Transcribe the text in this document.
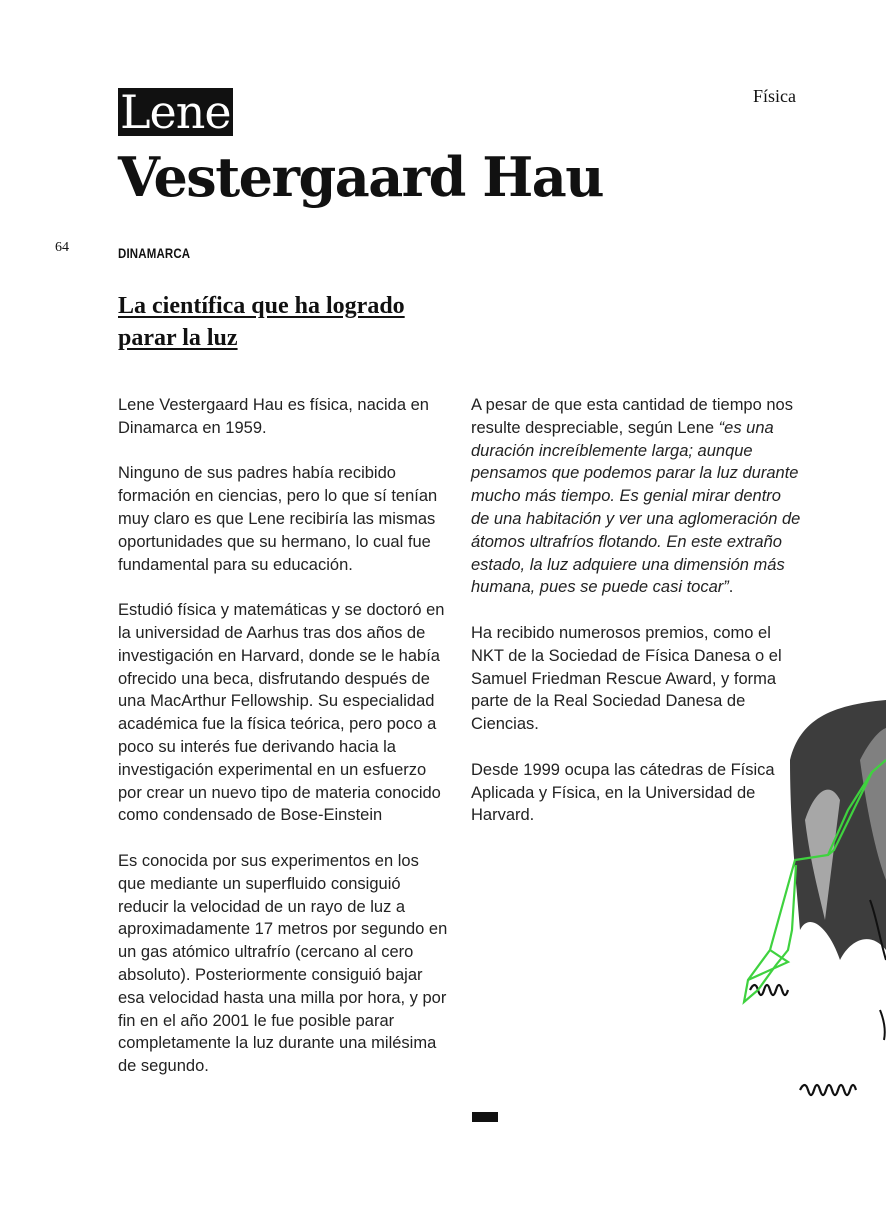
Física
Lene
Vestergaard Hau
64	DINAMARCA
La científica que ha logrado parar la luz

Lene Vestergaard Hau es física, nacida en Dinamarca en 1959.

Ninguno de sus padres había recibido formación en ciencias, pero lo que sí tenían muy claro es que Lene recibiría las mismas oportunidades que su hermano, lo cual fue fundamental para su educación.

Estudió física y matemáticas y se doctoró en la universidad de Aarhus tras dos años de investigación en Harvard, donde se le había ofrecido una beca, disfrutando después de una MacArthur Fellowship. Su especialidad académica fue la física teórica, pero poco a poco su interés fue derivando hacia la investigación experimental en un esfuerzo por crear un nuevo tipo de materia conocido como condensado de Bose-Einstein

Es conocida por sus experimentos en los que mediante un superfluido consiguió reducir la velocidad de un rayo de luz a aproximadamente 17 metros por segundo en un gas atómico ultrafrío (cercano al cero absoluto). Posteriormente consiguió bajar esa velocidad hasta una milla por hora, y por fin en el año 2001 le fue posible parar completamente la luz durante una milésima de segundo.

A pesar de que esta cantidad de tiempo nos resulte despreciable, según Lene “es una duración increíblemente larga; aunque pensamos que podemos parar la luz durante mucho más tiempo. Es genial mirar dentro de una habitación y ver una aglomeración de átomos ultrafríos flotando. En este extraño estado, la luz adquiere una dimensión más humana, pues se puede casi tocar”.

Ha recibido numerosos premios, como el NKT de la Sociedad de Física Danesa o el Samuel Friedman Rescue Award, y forma parte de la Real Sociedad Danesa de Ciencias.

Desde 1999 ocupa las cátedras de Física Aplicada y Física, en la Universidad de Harvard.
